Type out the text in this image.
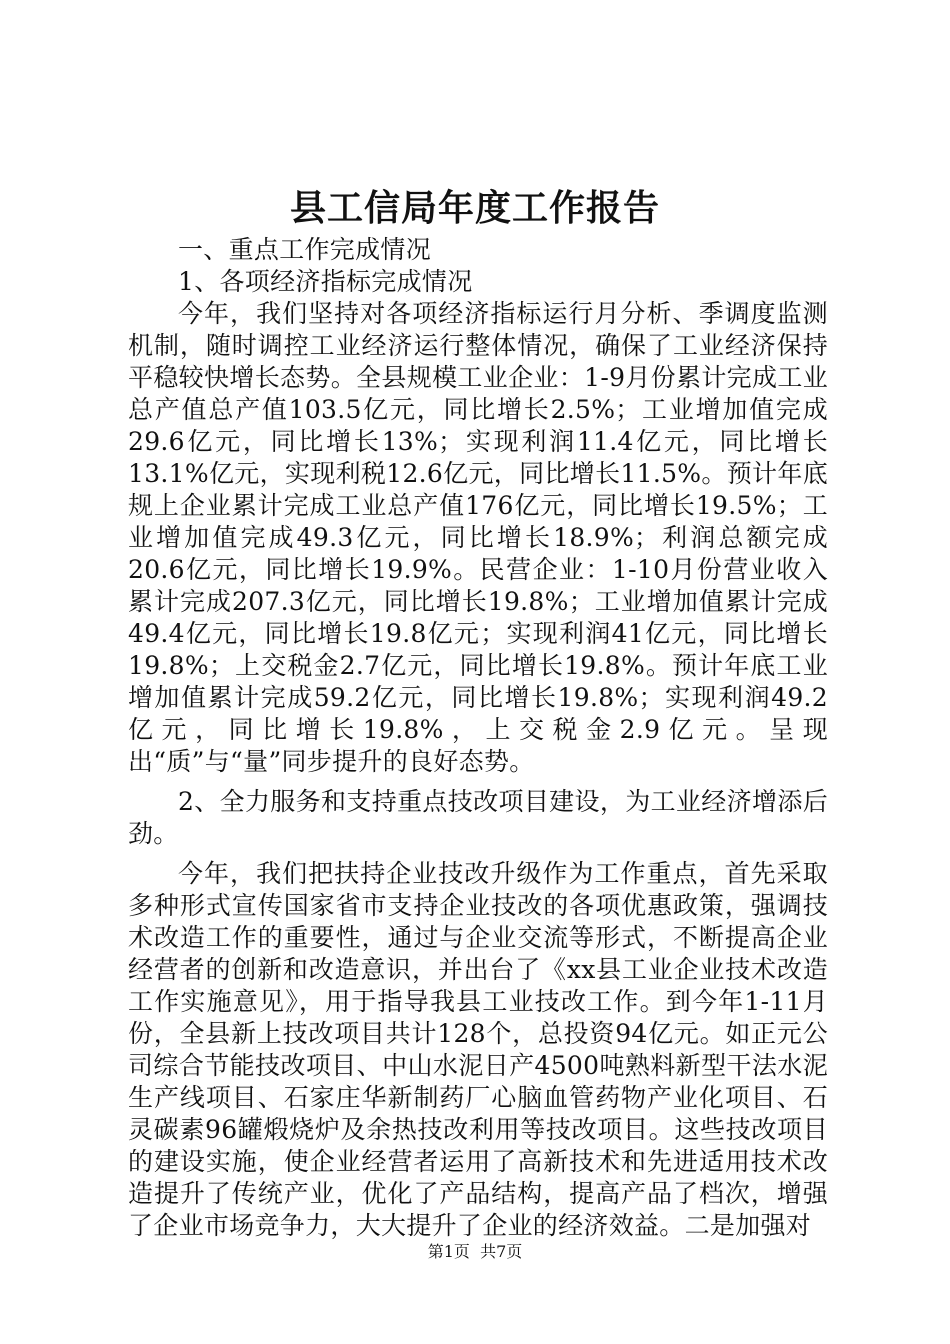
县工信局年度工作报告

一、重点工作完成情况

1、各项经济指标完成情况

今年，我们坚持对各项经济指标运行月分析、季调度监测机制，随时调控工业经济运行整体情况，确保了工业经济保持平稳较快增长态势。全县规模工业企业：1-9月份累计完成工业总产值总产值103.5亿元，同比增长2.5%；工业增加值完成29.6亿元，同比增长13%；实现利润11.4亿元，同比增长13.1%亿元，实现利税12.6亿元，同比增长11.5%。预计年底规上企业累计完成工业总产值176亿元，同比增长19.5%；工业增加值完成49.3亿元，同比增长18.9%；利润总额完成20.6亿元，同比增长19.9%。民营企业：1-10月份营业收入累计完成207.3亿元，同比增长19.8%；工业增加值累计完成49.4亿元，同比增长19.8亿元；实现利润41亿元，同比增长19.8%；上交税金2.7亿元，同比增长19.8%。预计年底工业增加值累计完成59.2亿元，同比增长19.8%；实现利润49.2亿元，同比增长19.8%，上交税金2.9亿元。呈现出“质”与“量”同步提升的良好态势。

2、全力服务和支持重点技改项目建设，为工业经济增添后劲。

今年，我们把扶持企业技改升级作为工作重点，首先采取多种形式宣传国家省市支持企业技改的各项优惠政策，强调技术改造工作的重要性，通过与企业交流等形式，不断提高企业经营者的创新和改造意识，并出台了《xx县工业企业技术改造工作实施意见》，用于指导我县工业技改工作。到今年1-11月份，全县新上技改项目共计128个，总投资94亿元。如正元公司综合节能技改项目、中山水泥日产4500吨熟料新型干法水泥生产线项目、石家庄华新制药厂心脑血管药物产业化项目、石灵碳素96罐煅烧炉及余热技改利用等技改项目。这些技改项目的建设实施，使企业经营者运用了高新技术和先进适用技术改造提升了传统产业，优化了产品结构，提高产品了档次，增强了企业市场竞争力，大大提升了企业的经济效益。二是加强对

第1页 共7页
